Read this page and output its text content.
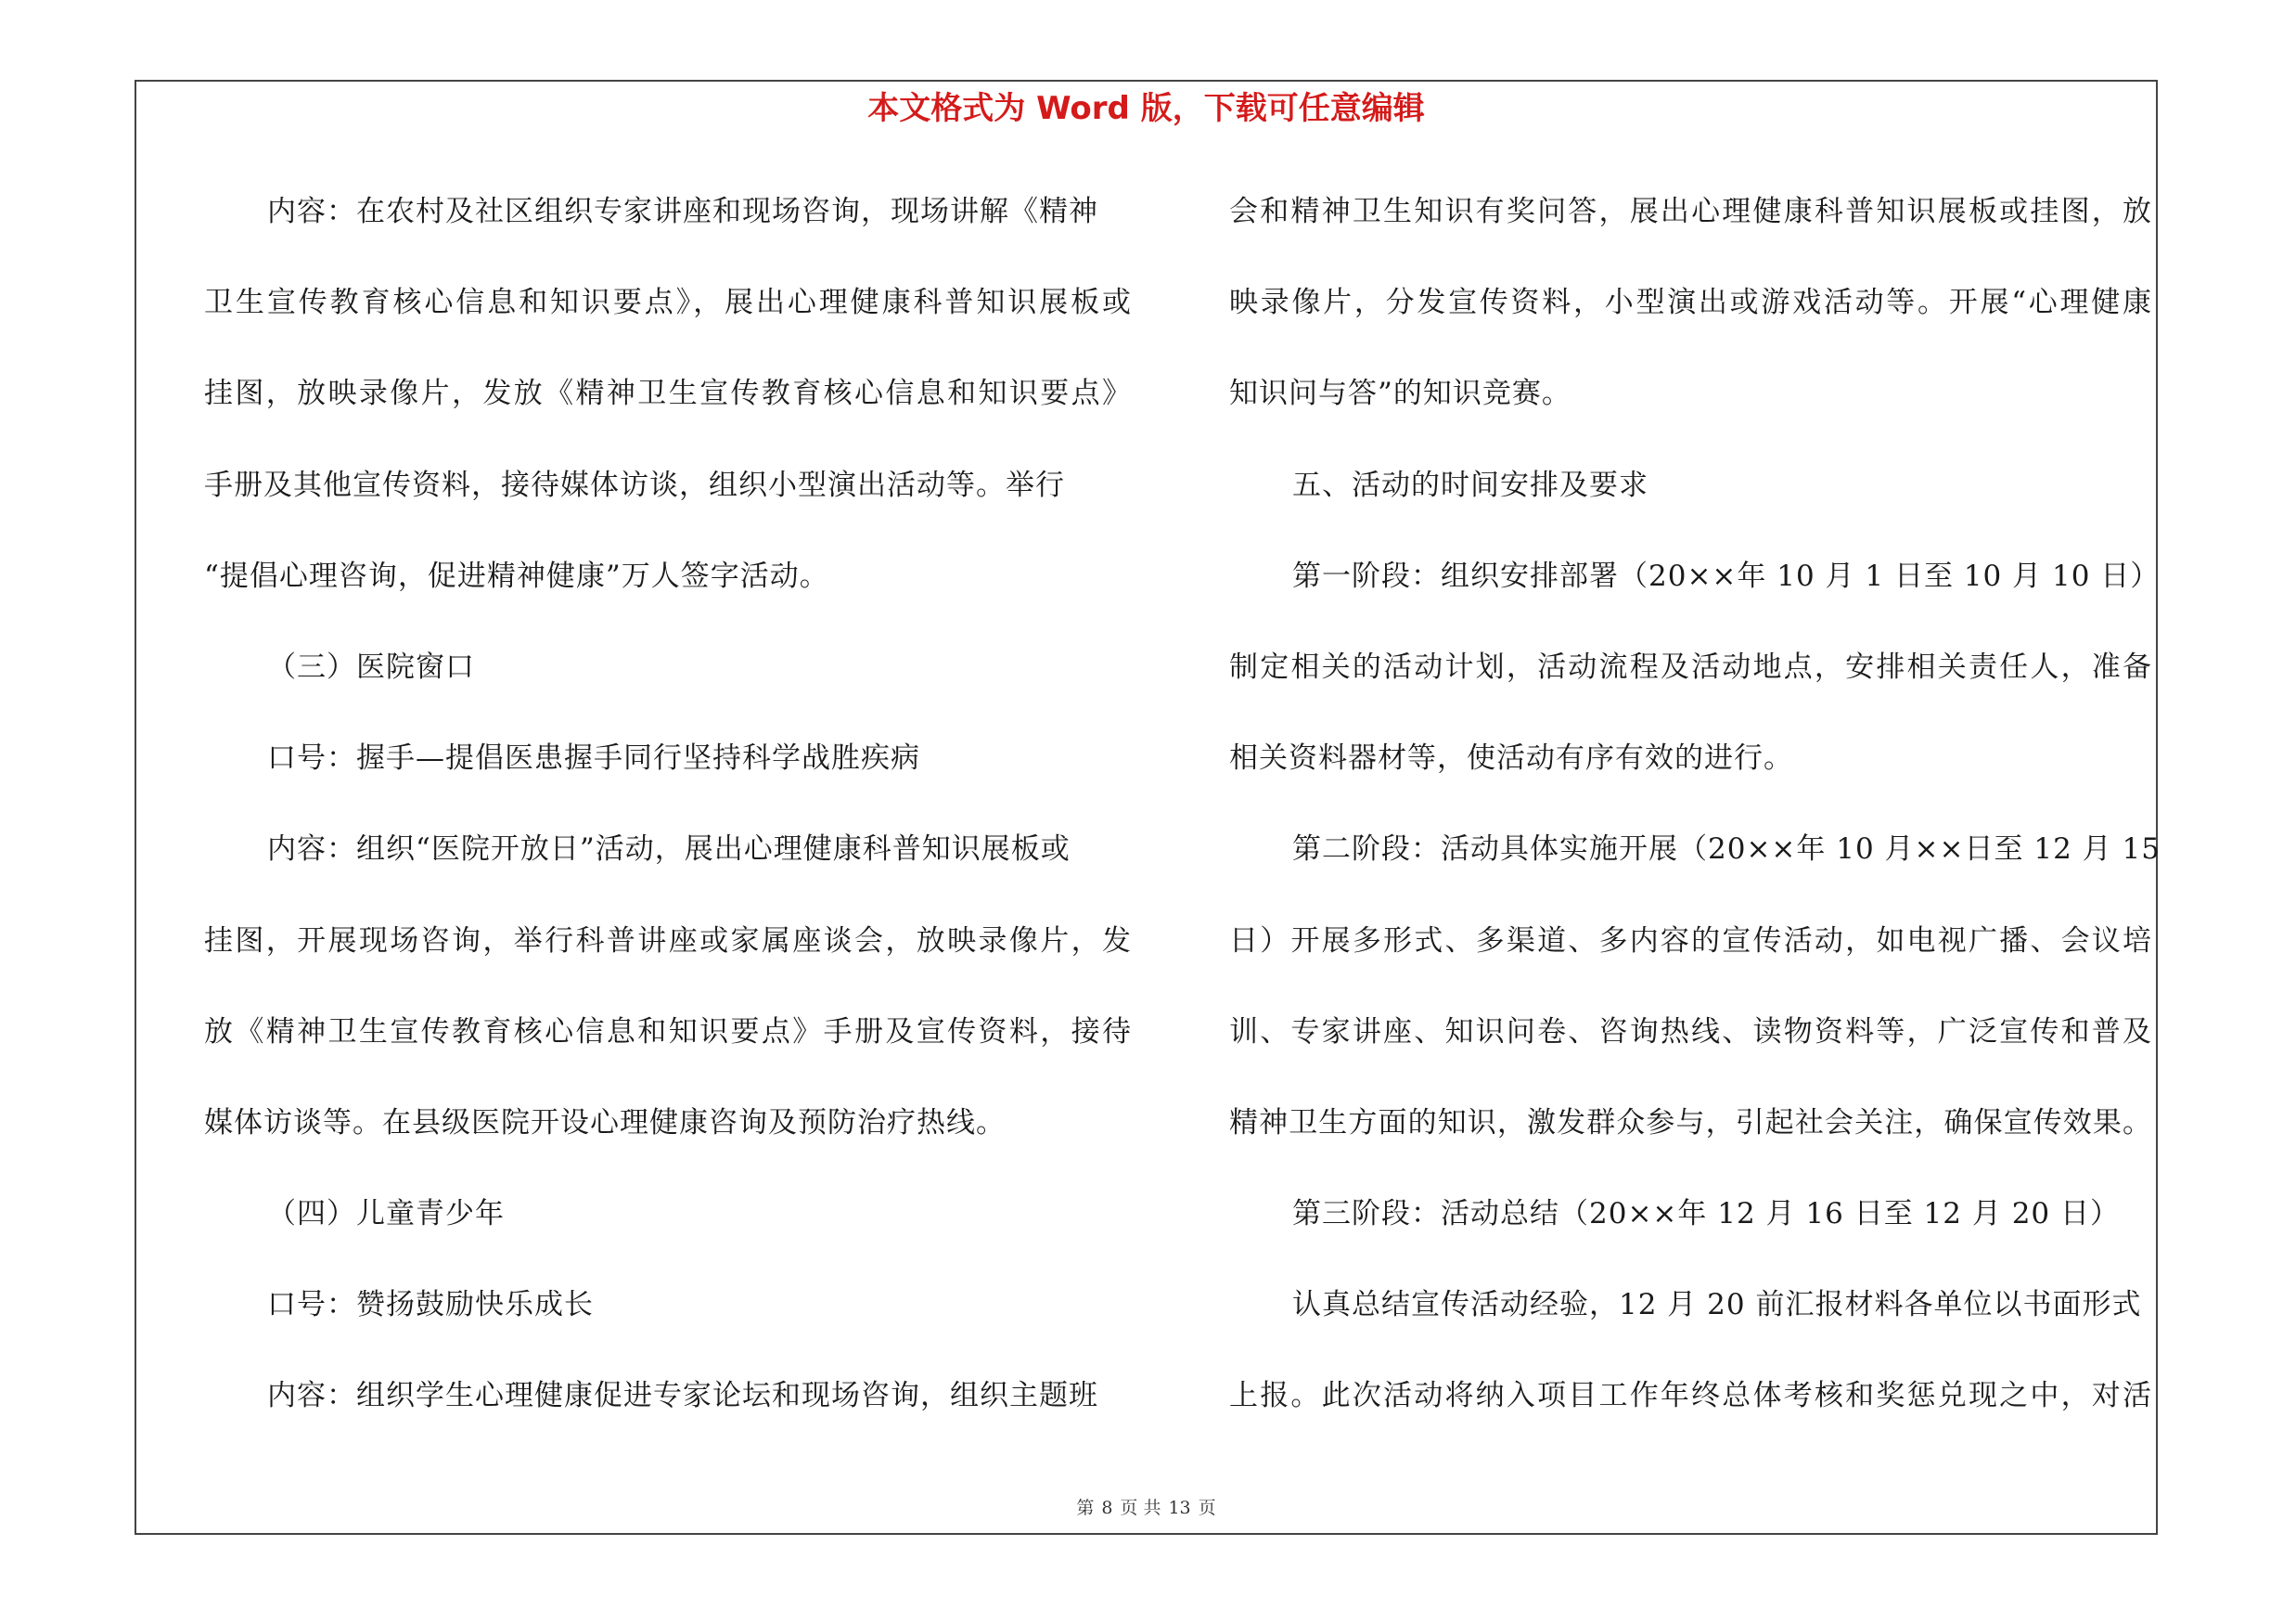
本文格式为 Word 版，下载可任意编辑
内容：在农村及社区组织专家讲座和现场咨询，现场讲解《精神
卫生宣传教育核心信息和知识要点》，展出心理健康科普知识展板或
挂图，放映录像片，发放《精神卫生宣传教育核心信息和知识要点》
手册及其他宣传资料，接待媒体访谈，组织小型演出活动等。举行
“提倡心理咨询，促进精神健康”万人签字活动。
（三）医院窗口
口号：握手—提倡医患握手同行坚持科学战胜疾病
内容：组织“医院开放日”活动，展出心理健康科普知识展板或
挂图，开展现场咨询，举行科普讲座或家属座谈会，放映录像片，发
放《精神卫生宣传教育核心信息和知识要点》手册及宣传资料，接待
媒体访谈等。在县级医院开设心理健康咨询及预防治疗热线。
（四）儿童青少年
口号：赞扬鼓励快乐成长
内容：组织学生心理健康促进专家论坛和现场咨询，组织主题班
会和精神卫生知识有奖问答，展出心理健康科普知识展板或挂图，放
映录像片，分发宣传资料，小型演出或游戏活动等。开展“心理健康
知识问与答”的知识竞赛。
五、活动的时间安排及要求
第一阶段：组织安排部署（20××年 10 月 1 日至 10 月 10 日）
制定相关的活动计划，活动流程及活动地点，安排相关责任人，准备
相关资料器材等，使活动有序有效的进行。
第二阶段：活动具体实施开展（20××年 10 月××日至 12 月 15
日）开展多形式、多渠道、多内容的宣传活动，如电视广播、会议培
训、专家讲座、知识问卷、咨询热线、读物资料等，广泛宣传和普及
精神卫生方面的知识，激发群众参与，引起社会关注，确保宣传效果。
第三阶段：活动总结（20××年 12 月 16 日至 12 月 20 日）
认真总结宣传活动经验，12 月 20 前汇报材料各单位以书面形式
上报。此次活动将纳入项目工作年终总体考核和奖惩兑现之中，对活
第 8 页 共 13 页
